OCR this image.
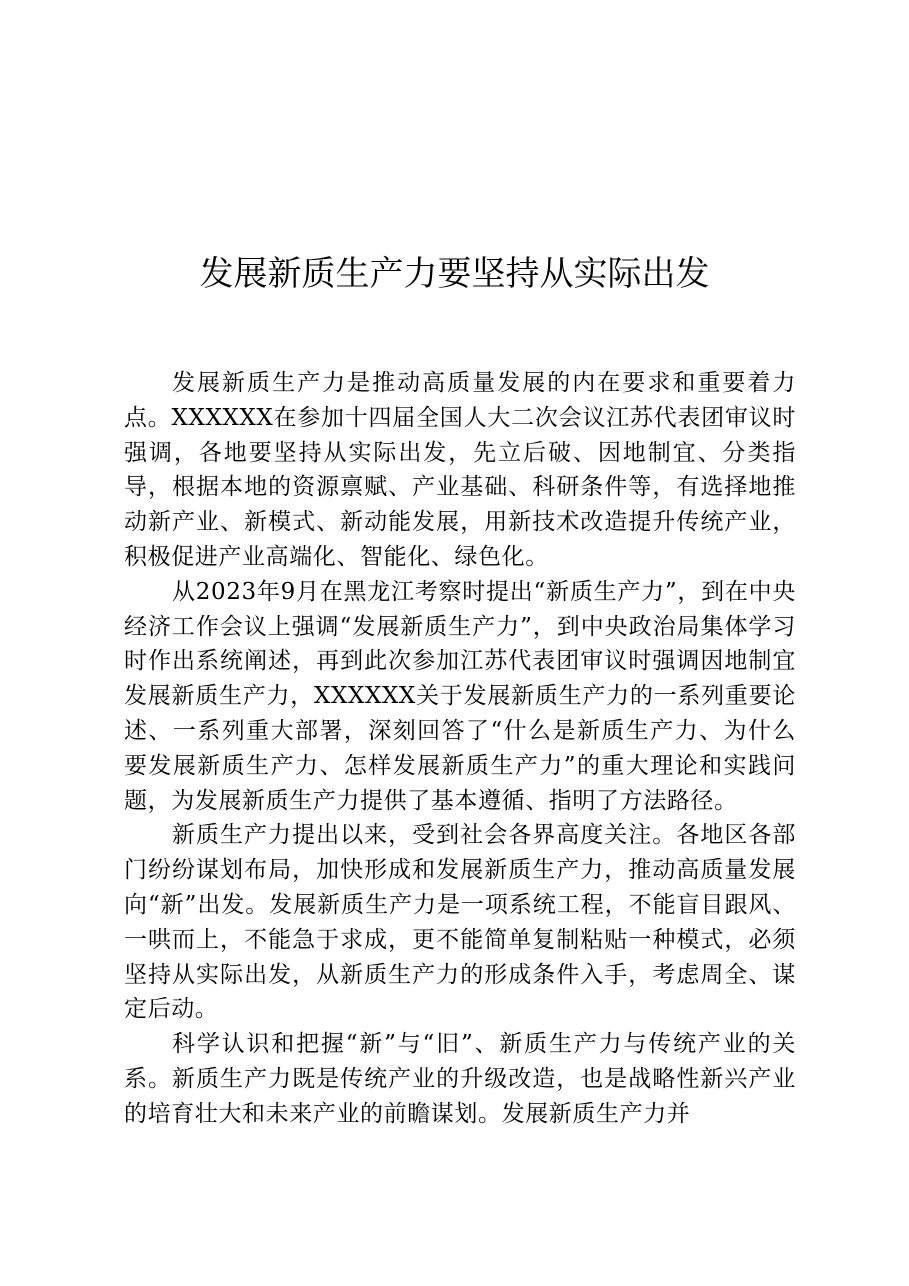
发展新质生产力要坚持从实际出发

发展新质生产力是推动高质量发展的内在要求和重要着力点。XXXXXX在参加十四届全国人大二次会议江苏代表团审议时强调，各地要坚持从实际出发，先立后破、因地制宜、分类指导，根据本地的资源禀赋、产业基础、科研条件等，有选择地推动新产业、新模式、新动能发展，用新技术改造提升传统产业，积极促进产业高端化、智能化、绿色化。

从2023年9月在黑龙江考察时提出“新质生产力”，到在中央经济工作会议上强调“发展新质生产力”，到中央政治局集体学习时作出系统阐述，再到此次参加江苏代表团审议时强调因地制宜发展新质生产力，XXXXXX关于发展新质生产力的一系列重要论述、一系列重大部署，深刻回答了“什么是新质生产力、为什么要发展新质生产力、怎样发展新质生产力”的重大理论和实践问题，为发展新质生产力提供了基本遵循、指明了方法路径。

新质生产力提出以来，受到社会各界高度关注。各地区各部门纷纷谋划布局，加快形成和发展新质生产力，推动高质量发展向“新”出发。发展新质生产力是一项系统工程，不能盲目跟风、一哄而上，不能急于求成，更不能简单复制粘贴一种模式，必须坚持从实际出发，从新质生产力的形成条件入手，考虑周全、谋定后动。

科学认识和把握“新”与“旧”、新质生产力与传统产业的关系。新质生产力既是传统产业的升级改造，也是战略性新兴产业的培育壮大和未来产业的前瞻谋划。发展新质生产力并
